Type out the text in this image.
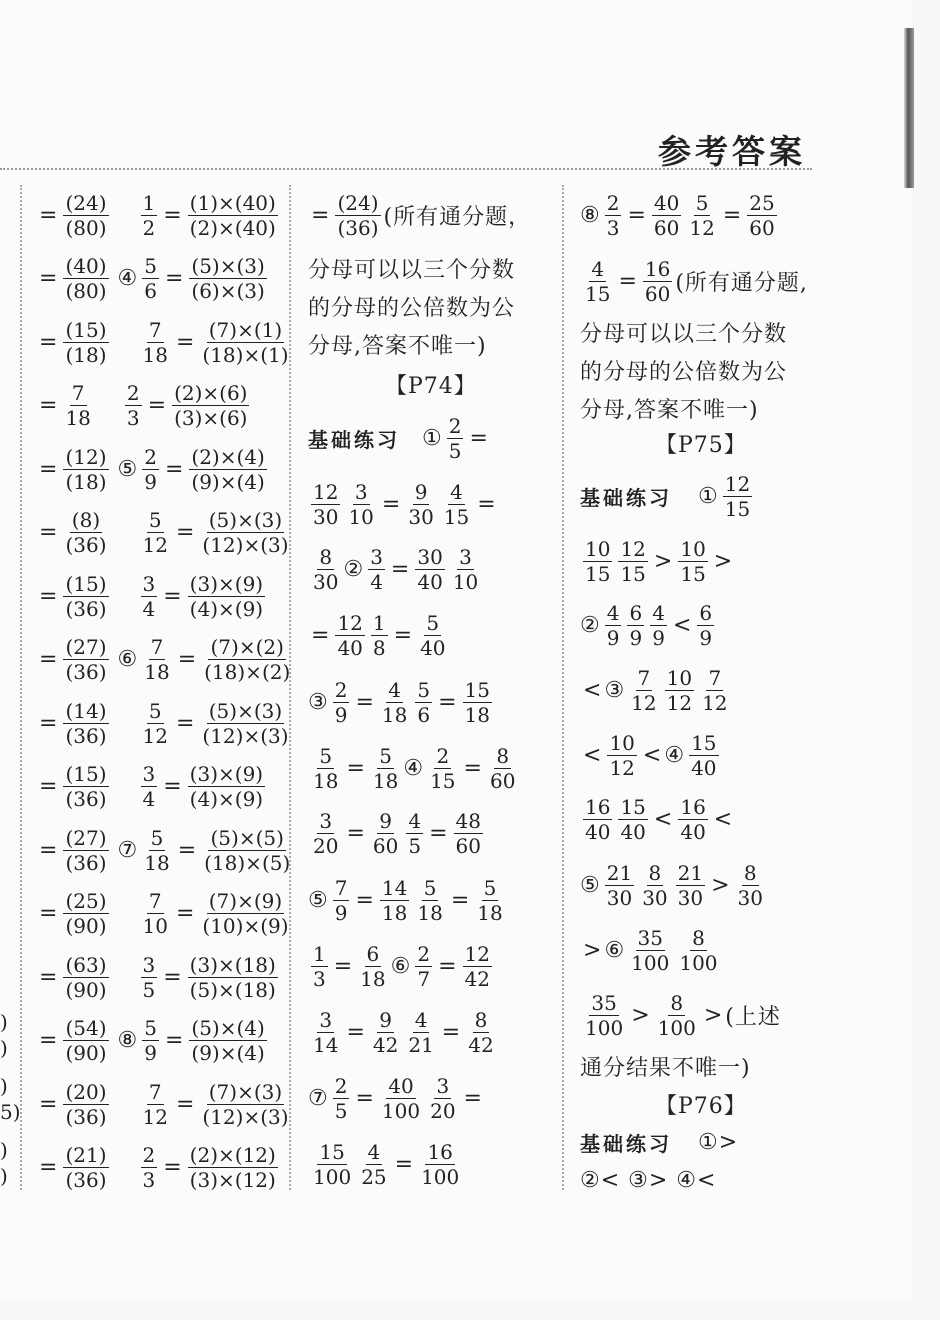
参考答案
)
)
)
5)
)
)
= $\frac{(24)}{(80)} \frac{1}{2} = \frac{(1)\times(40)}{(2)\times(40)}$
= $\frac{(40)}{(80)}$ ④ $\frac{5}{6} = \frac{(5)\times(3)}{(6)\times(3)}$
= $\frac{(15)}{(18)} \frac{7}{18} = \frac{(7)\times(1)}{(18)\times(1)}$
= $\frac{7}{18} \frac{2}{3} = \frac{(2)\times(6)}{(3)\times(6)}$
= $\frac{(12)}{(18)}$ ⑤ $\frac{2}{9} = \frac{(2)\times(4)}{(9)\times(4)}$
= $\frac{(8)}{(36)} \frac{5}{12} = \frac{(5)\times(3)}{(12)\times(3)}$
= $\frac{(15)}{(36)} \frac{3}{4} = \frac{(3)\times(9)}{(4)\times(9)}$
= $\frac{(27)}{(36)}$ ⑥ $\frac{7}{18} = \frac{(7)\times(2)}{(18)\times(2)}$
= $\frac{(14)}{(36)} \frac{5}{12} = \frac{(5)\times(3)}{(12)\times(3)}$
= $\frac{(15)}{(36)} \frac{3}{4} = \frac{(3)\times(9)}{(4)\times(9)}$
= $\frac{(27)}{(36)}$ ⑦ $\frac{5}{18} = \frac{(5)\times(5)}{(18)\times(5)}$
= $\frac{(25)}{(90)} \frac{7}{10} = \frac{(7)\times(9)}{(10)\times(9)}$
= $\frac{(63)}{(90)} \frac{3}{5} = \frac{(3)\times(18)}{(5)\times(18)}$
= $\frac{(54)}{(90)}$ ⑧ $\frac{5}{9} = \frac{(5)\times(4)}{(9)\times(4)}$
= $\frac{(20)}{(36)} \frac{7}{12} = \frac{(7)\times(3)}{(12)\times(3)}$
= $\frac{(21)}{(36)} \frac{2}{3} = \frac{(2)\times(12)}{(3)\times(12)}$
= $\frac{(24)}{(36)}$ (所有通分题，
分母可以以三个分数
的分母的公倍数为公
分母,答案不唯一)
【P74】
基础练习 ① $\frac{2}{5}$ =
$\frac{12}{30} \frac{3}{10} = \frac{9}{30} \frac{4}{15}$ =
$\frac{8}{30}$ ② $\frac{3}{4} = \frac{30}{40} \frac{3}{10}$
= $\frac{12}{40} \frac{1}{8} = \frac{5}{40}$
③ $\frac{2}{9} = \frac{4}{18} \frac{5}{6} = \frac{15}{18}$
$\frac{5}{18} = \frac{5}{18}$ ④ $\frac{2}{15} = \frac{8}{60}$
$\frac{3}{20} = \frac{9}{60} \frac{4}{5} = \frac{48}{60}$
⑤ $\frac{7}{9} = \frac{14}{18} \frac{5}{18} = \frac{5}{18}$
$\frac{1}{3} = \frac{6}{18}$ ⑥ $\frac{2}{7} = \frac{12}{42}$
$\frac{3}{14} = \frac{9}{42} \frac{4}{21} = \frac{8}{42}$
⑦ $\frac{2}{5} = \frac{40}{100} \frac{3}{20}$ =
$\frac{15}{100} \frac{4}{25} = \frac{16}{100}$
⑧ $\frac{2}{3} = \frac{40}{60} \frac{5}{12} = \frac{25}{60}$
$\frac{4}{15} = \frac{16}{60}$ (所有通分题,
分母可以以三个分数
的分母的公倍数为公
分母,答案不唯一)
【P75】
基础练习 ① $\frac{12}{15}$
$\frac{10}{15} \frac{12}{15} > \frac{10}{15}$ >
② $\frac{4}{9} \frac{6}{9} \frac{4}{9} < \frac{6}{9}$
< ③ $\frac{7}{12} \frac{10}{12} \frac{7}{12}$
< $\frac{10}{12}$ < ④ $\frac{15}{40}$
$\frac{16}{40} \frac{15}{40} < \frac{16}{40}$ <
⑤ $\frac{21}{30} \frac{8}{30} \frac{21}{30} > \frac{8}{30}$
> ⑥ $\frac{35}{100} \frac{8}{100}$
$\frac{35}{100} > \frac{8}{100}$ > (上述
通分结果不唯一)
【P76】
基础练习 ①>
②< ③> ④<
